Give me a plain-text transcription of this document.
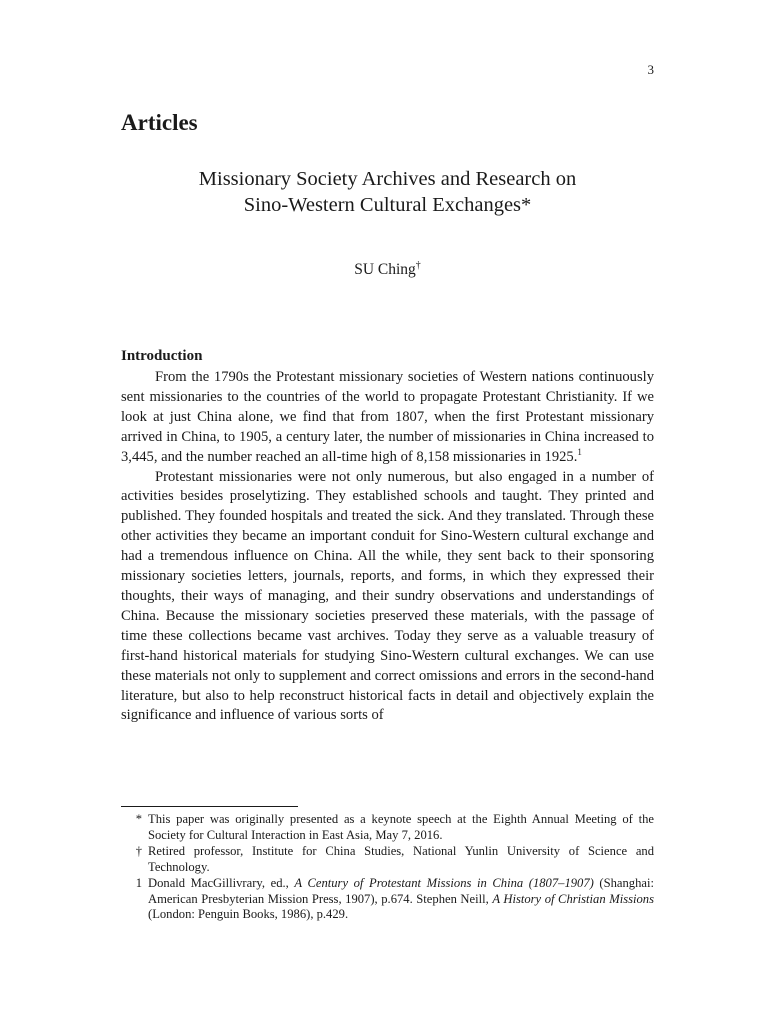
3
Articles
Missionary Society Archives and Research on
Sino-Western Cultural Exchanges*
SU Ching†
Introduction

From the 1790s the Protestant missionary societies of Western nations continuously sent missionaries to the countries of the world to propagate Protestant Christianity. If we look at just China alone, we find that from 1807, when the first Protestant missionary arrived in China, to 1905, a century later, the number of missionaries in China increased to 3,445, and the number reached an all-time high of 8,158 missionaries in 1925.$^1$

Protestant missionaries were not only numerous, but also engaged in a number of activities besides proselytizing. They established schools and taught. They printed and published. They founded hospitals and treated the sick. And they translated. Through these other activities they became an important conduit for Sino-Western cultural exchange and had a tremendous influence on China. All the while, they sent back to their sponsoring missionary societies letters, journals, reports, and forms, in which they expressed their thoughts, their ways of managing, and their sundry observations and understandings of China. Because the missionary societies preserved these materials, with the passage of time these collections became vast archives. Today they serve as a valuable treasury of first-hand historical materials for studying Sino-Western cultural exchanges. We can use these materials not only to supplement and correct omissions and errors in the second-hand literature, but also to help reconstruct historical facts in detail and objectively explain the significance and influence of various sorts of

* This paper was originally presented as a keynote speech at the Eighth Annual Meeting of the Society for Cultural Interaction in East Asia, May 7, 2016.
† Retired professor, Institute for China Studies, National Yunlin University of Science and Technology.
1 Donald MacGillivrary, ed., A Century of Protestant Missions in China (1807–1907) (Shanghai: American Presbyterian Mission Press, 1907), p.674. Stephen Neill, A History of Christian Missions (London: Penguin Books, 1986), p.429.
